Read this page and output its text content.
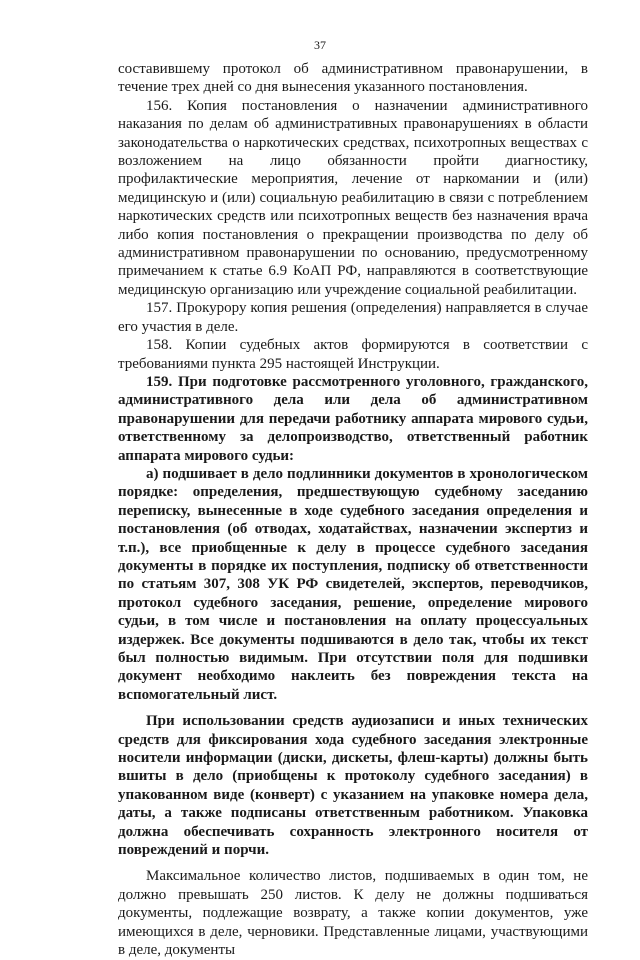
37

составившему протокол об административном правонарушении, в течение трех дней со дня вынесения указанного постановления.

156. Копия постановления о назначении административного наказания по делам об административных правонарушениях в области законодательства о наркотических средствах, психотропных веществах с возложением на лицо обязанности пройти диагностику, профилактические мероприятия, лечение от наркомании и (или) медицинскую и (или) социальную реабилитацию в связи с потреблением наркотических средств или психотропных веществ без назначения врача либо копия постановления о прекращении производства по делу об административном правонарушении по основанию, предусмотренному примечанием к статье 6.9 КоАП РФ, направляются в соответствующие медицинскую организацию или учреждение социальной реабилитации.

157. Прокурору копия решения (определения) направляется в случае его участия в деле.

158. Копии судебных актов формируются в соответствии с требованиями пункта 295 настоящей Инструкции.

159. При подготовке рассмотренного уголовного, гражданского, административного дела или дела об административном правонарушении для передачи работнику аппарата мирового судьи, ответственному за делопроизводство, ответственный работник аппарата мирового судьи:

а) подшивает в дело подлинники документов в хронологическом порядке: определения, предшествующую судебному заседанию переписку, вынесенные в ходе судебного заседания определения и постановления (об отводах, ходатайствах, назначении экспертиз и т.п.), все приобщенные к делу в процессе судебного заседания документы в порядке их поступления, подписку об ответственности по статьям 307, 308 УК РФ свидетелей, экспертов, переводчиков, протокол судебного заседания, решение, определение мирового судьи, в том числе и постановления на оплату процессуальных издержек. Все документы подшиваются в дело так, чтобы их текст был полностью видимым. При отсутствии поля для подшивки документ необходимо наклеить без повреждения текста на вспомогательный лист.

При использовании средств аудиозаписи и иных технических средств для фиксирования хода судебного заседания электронные носители информации (диски, дискеты, флеш-карты) должны быть вшиты в дело (приобщены к протоколу судебного заседания) в упакованном виде (конверт) с указанием на упаковке номера дела, даты, а также подписаны ответственным работником. Упаковка должна обеспечивать сохранность электронного носителя от повреждений и порчи.

Максимальное количество листов, подшиваемых в один том, не должно превышать 250 листов. К делу не должны подшиваться документы, подлежащие возврату, а также копии документов, уже имеющихся в деле, черновики. Представленные лицами, участвующими в деле, документы
